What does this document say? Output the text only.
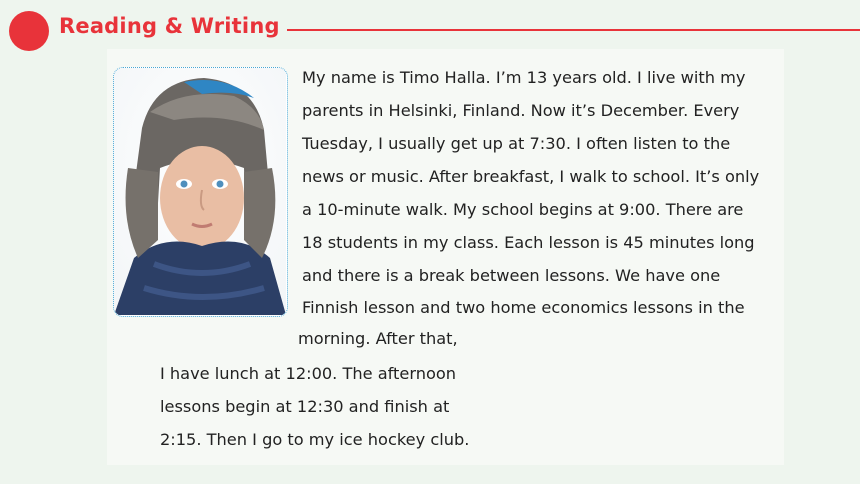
Reading & Writing
My name is Timo Halla. I’m 13 years old. I live with my
parents in Helsinki, Finland. Now it’s December. Every
Tuesday, I usually get up at 7:30. I often listen to the
news or music. After breakfast, I walk to school. It’s only
a 10-minute walk. My school begins at 9:00. There are
18 students in my class. Each lesson is 45 minutes long
and there is a break between lessons. We have one
Finnish lesson and two home economics lessons in the
morning. After that,
I have lunch at 12:00. The afternoon
lessons begin at 12:30 and finish at
2:15. Then I go to my ice hockey club.
